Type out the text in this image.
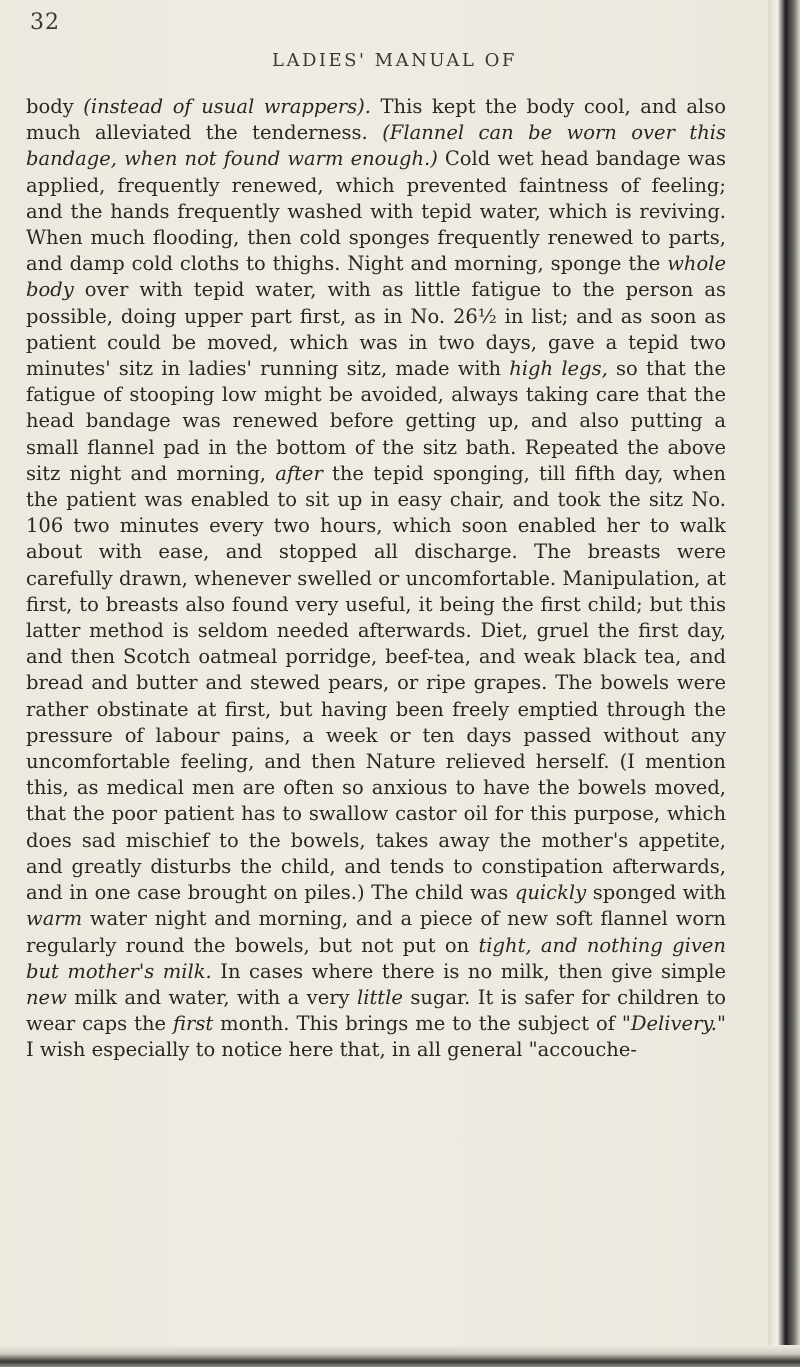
32
LADIES' MANUAL OF

body (instead of usual wrappers). This kept the body cool, and also much alleviated the tenderness. (Flannel can be worn over this bandage, when not found warm enough.) Cold wet head bandage was applied, frequently renewed, which prevented faintness of feeling; and the hands frequently washed with tepid water, which is reviving. When much flooding, then cold sponges frequently renewed to parts, and damp cold cloths to thighs. Night and morning, sponge the whole body over with tepid water, with as little fatigue to the person as possible, doing upper part first, as in No. 26½ in list; and as soon as patient could be moved, which was in two days, gave a tepid two minutes' sitz in ladies' running sitz, made with high legs, so that the fatigue of stooping low might be avoided, always taking care that the head bandage was renewed before getting up, and also putting a small flannel pad in the bottom of the sitz bath. Repeated the above sitz night and morning, after the tepid sponging, till fifth day, when the patient was enabled to sit up in easy chair, and took the sitz No. 106 two minutes every two hours, which soon enabled her to walk about with ease, and stopped all discharge. The breasts were carefully drawn, whenever swelled or uncomfortable. Manipulation, at first, to breasts also found very useful, it being the first child; but this latter method is seldom needed afterwards. Diet, gruel the first day, and then Scotch oatmeal porridge, beef-tea, and weak black tea, and bread and butter and stewed pears, or ripe grapes. The bowels were rather obstinate at first, but having been freely emptied through the pressure of labour pains, a week or ten days passed without any uncomfortable feeling, and then Nature relieved herself. (I mention this, as medical men are often so anxious to have the bowels moved, that the poor patient has to swallow castor oil for this purpose, which does sad mischief to the bowels, takes away the mother's appetite, and greatly disturbs the child, and tends to constipation afterwards, and in one case brought on piles.) The child was quickly sponged with warm water night and morning, and a piece of new soft flannel worn regularly round the bowels, but not put on tight, and nothing given but mother's milk. In cases where there is no milk, then give simple new milk and water, with a very little sugar. It is safer for children to wear caps the first month. This brings me to the subject of "Delivery." I wish especially to notice here that, in all general "accouche-
